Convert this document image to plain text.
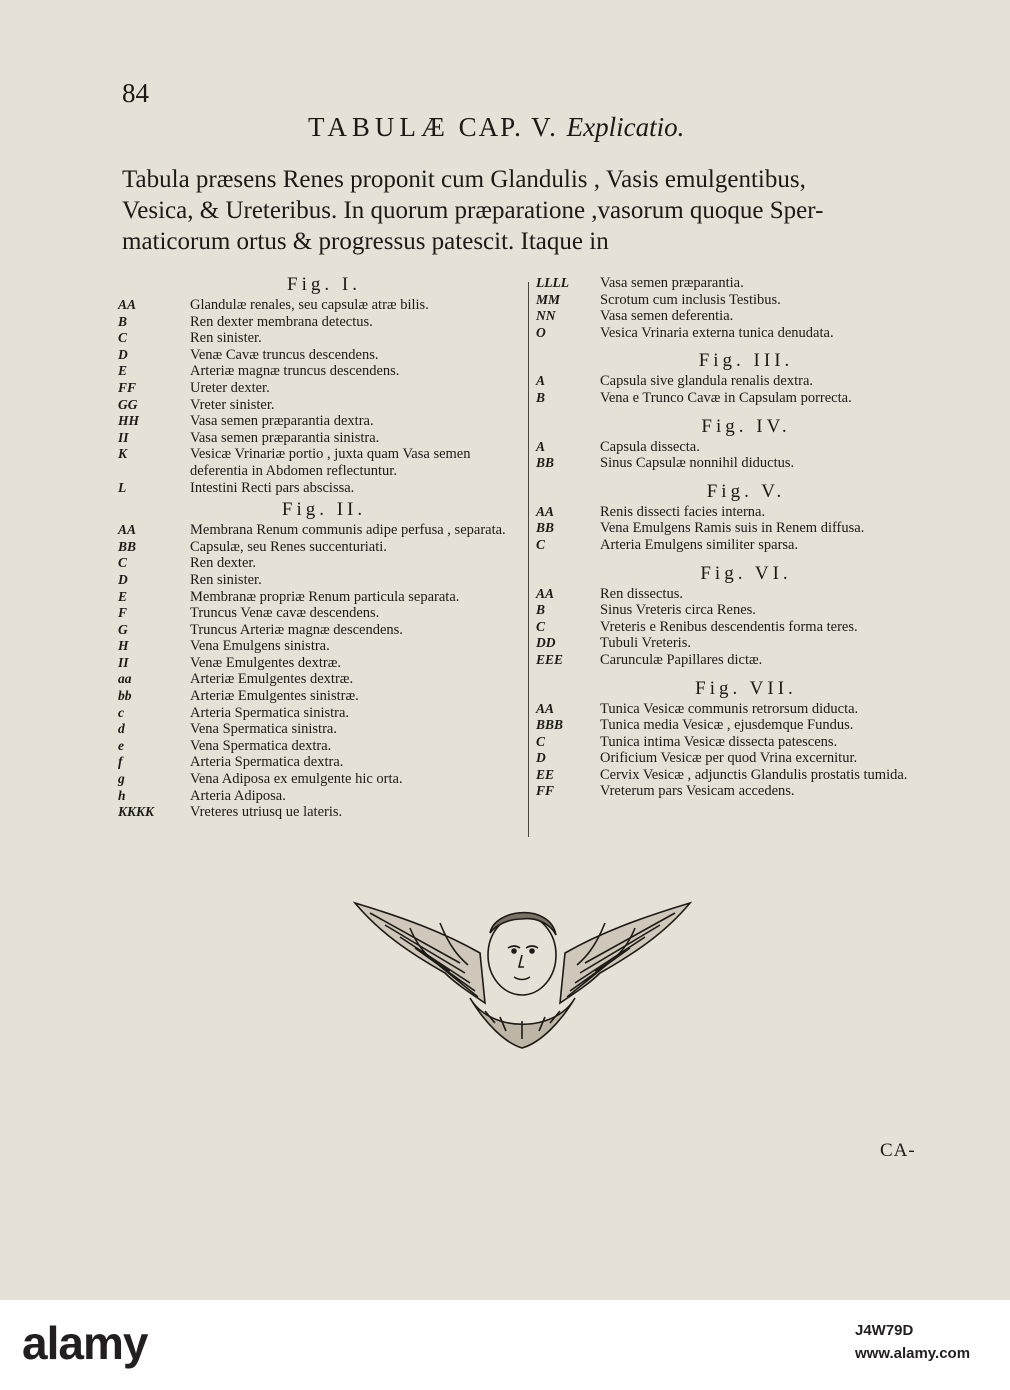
84
TABULÆ CAP. V. Explicatio.
Tabula præsens Renes proponit cum Glandulis , Vasis emulgentibus,
Vesica, & Ureteribus. In quorum præparatione ,vasorum quoque Sper-
maticorum ortus & progressus patescit. Itaque in
Fig. I.
AA	Glandulæ renales, seu capsulæ atræ bilis.
B	Ren dexter membrana detectus.
C	Ren sinister.
D	Venæ Cavæ truncus descendens.
E	Arteriæ magnæ truncus descendens.
FF	Ureter dexter.
GG	Vreter sinister.
HH	Vasa semen præparantia dextra.
II	Vasa semen præparantia sinistra.
K	Vesicæ Vrinariæ portio , juxta quam Vasa semen deferentia in Abdomen reflectuntur.
L	Intestini Recti pars abscissa.
Fig. II.
AA	Membrana Renum communis adipe perfusa , separata.
BB	Capsulæ, seu Renes succenturiati.
C	Ren dexter.
D	Ren sinister.
E	Membranæ propriæ Renum particula separata.
F	Truncus Venæ cavæ descendens.
G	Truncus Arteriæ magnæ descendens.
H	Vena Emulgens sinistra.
II	Venæ Emulgentes dextræ.
aa	Arteriæ Emulgentes dextræ.
bb	Arteriæ Emulgentes sinistræ.
c	Arteria Spermatica sinistra.
d	Vena Spermatica sinistra.
e	Vena Spermatica dextra.
f	Arteria Spermatica dextra.
g	Vena Adiposa ex emulgente hic orta.
h	Arteria Adiposa.
KKKK	Vreteres utriusq ue lateris.
LLLL	Vasa semen præparantia.
MM	Scrotum cum inclusis Testibus.
NN	Vasa semen deferentia.
O	Vesica Vrinaria externa tunica denudata.
Fig. III.
A	Capsula sive glandula renalis dextra.
B	Vena e Trunco Cavæ in Capsulam porrecta.
Fig. IV.
A	Capsula dissecta.
BB	Sinus Capsulæ nonnihil diductus.
Fig. V.
AA	Renis dissecti facies interna.
BB	Vena Emulgens Ramis suis in Renem diffusa.
C	Arteria Emulgens similiter sparsa.
Fig. VI.
AA	Ren dissectus.
B	Sinus Vreteris circa Renes.
C	Vreteris e Renibus descendentis forma teres.
DD	Tubuli Vreteris.
EEE	Carunculæ Papillares dictæ.
Fig. VII.
AA	Tunica Vesicæ communis retrorsum diducta.
BBB	Tunica media Vesicæ , ejusdemque Fundus.
C	Tunica intima Vesicæ dissecta patescens.
D	Orificium Vesicæ per quod Vrina excernitur.
EE	Cervix Vesicæ , adjunctis Glandulis prostatis tumida.
FF	Vreterum pars Vesicam accedens.
CA-
alamy	J4W79D
www.alamy.com
